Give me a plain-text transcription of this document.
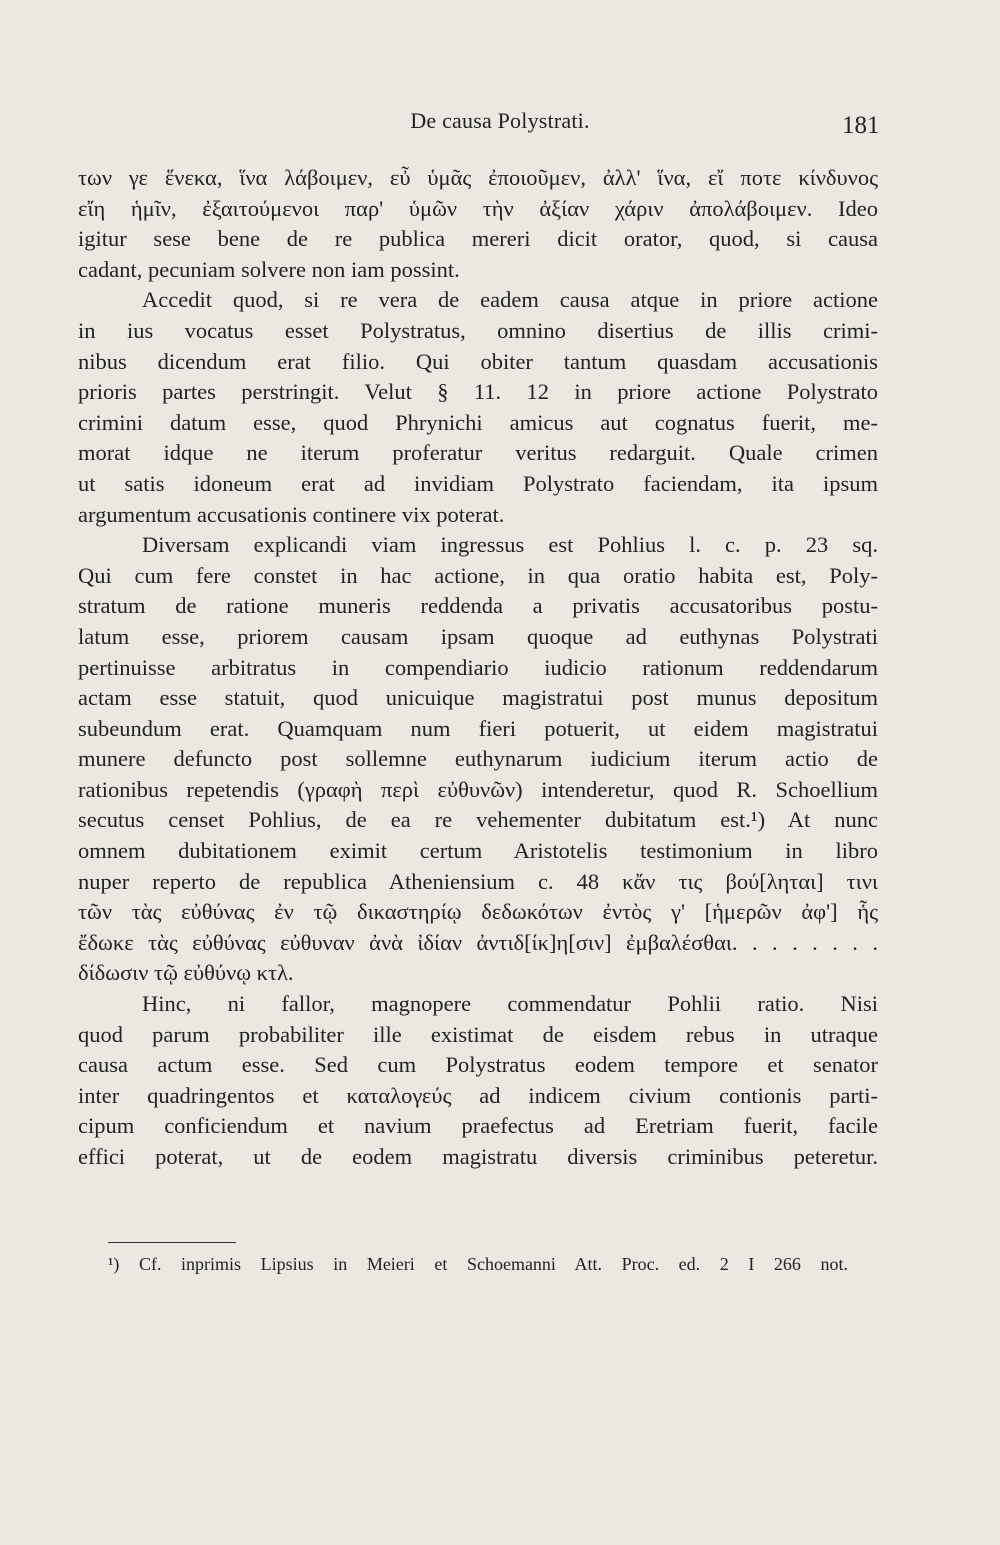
De causa Polystrati.	181
των γε ἕνεκα, ἵνα λάβοιμεν, εὖ ὑμᾶς ἐποιοῦμεν, ἀλλ' ἵνα, εἴ ποτε κίνδυνος
εἴη ἡμῖν, ἐξαιτούμενοι παρ' ὑμῶν τὴν ἀξίαν χάριν ἀπολάβοιμεν. Ideo
igitur sese bene de re publica mereri dicit orator, quod, si causa
cadant, pecuniam solvere non iam possint.
Accedit quod, si re vera de eadem causa atque in priore actione
in ius vocatus esset Polystratus, omnino disertius de illis crimi-
nibus dicendum erat filio. Qui obiter tantum quasdam accusationis
prioris partes perstringit. Velut § 11. 12 in priore actione Polystrato
crimini datum esse, quod Phrynichi amicus aut cognatus fuerit, me-
morat idque ne iterum proferatur veritus redarguit. Quale crimen
ut satis idoneum erat ad invidiam Polystrato faciendam, ita ipsum
argumentum accusationis continere vix poterat.
Diversam explicandi viam ingressus est Pohlius l. c. p. 23 sq.
Qui cum fere constet in hac actione, in qua oratio habita est, Poly-
stratum de ratione muneris reddenda a privatis accusatoribus postu-
latum esse, priorem causam ipsam quoque ad euthynas Polystrati
pertinuisse arbitratus in compendiario iudicio rationum reddendarum
actam esse statuit, quod unicuique magistratui post munus depositum
subeundum erat. Quamquam num fieri potuerit, ut eidem magistratui
munere defuncto post sollemne euthynarum iudicium iterum actio de
rationibus repetendis (γραφὴ περὶ εὐθυνῶν) intenderetur, quod R. Schoellium
secutus censet Pohlius, de ea re vehementer dubitatum est.¹) At nunc
omnem dubitationem eximit certum Aristotelis testimonium in libro
nuper reperto de republica Atheniensium c. 48 κἄν τις βού[ληται] τινι
τῶν τὰς εὐθύνας ἐν τῷ δικαστηρίῳ δεδωκότων ἐντὸς γ' [ἡμερῶν ἀφ'] ἧς
ἔδωκε τὰς εὐθύνας εὐθυναν ἀνὰ ἰδίαν ἀντιδ[ίκ]η[σιν] ἐμβαλέσθαι. . . . . . . .
δίδωσιν τῷ εὐθύνῳ κτλ.
Hinc, ni fallor, magnopere commendatur Pohlii ratio. Nisi
quod parum probabiliter ille existimat de eisdem rebus in utraque
causa actum esse. Sed cum Polystratus eodem tempore et senator
inter quadringentos et καταλογεύς ad indicem civium contionis parti-
cipum conficiendum et navium praefectus ad Eretriam fuerit, facile
effici poterat, ut de eodem magistratu diversis criminibus peteretur.
¹) Cf. inprimis Lipsius in Meieri et Schoemanni Att. Proc. ed. 2 I 266 not.
